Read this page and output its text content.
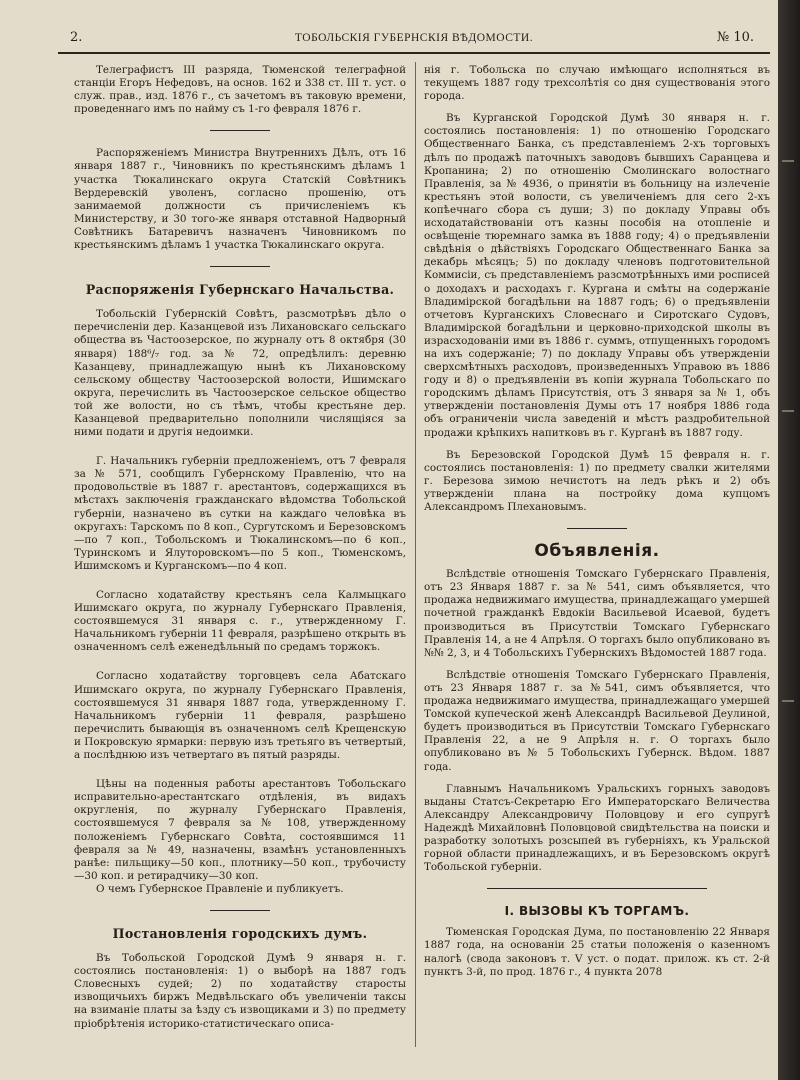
2.	ТОБОЛЬСКІЯ ГУБЕРНСКІЯ ВѢДОМОСТИ.	№ 10.

Телеграфистъ III разряда, Тюменской телеграфной станціи Егоръ Нефедовъ, на основ. 162 и 338 ст. III т. уст. о служ. прав., изд. 1876 г., съ зачетомъ въ таковую времени, проведеннаго имъ по найму съ 1-го февраля 1876 г.

Распоряженіемъ Министра Внутреннихъ Дѣлъ, отъ 16 января 1887 г., Чиновникъ по крестьянскимъ дѣламъ 1 участка Тюкалинскаго округа Статскій Совѣтникъ Вердеревскій уволенъ, согласно прошенію, отъ занимаемой должности съ причисленіемъ къ Министерству, и 30 того-же января отставной Надворный Совѣтникъ Батаревичъ назначенъ Чиновникомъ по крестьянскимъ дѣламъ 1 участка Тюкалинскаго округа.

Распоряженія Губернскаго Начальства.

Тобольскій Губернскій Совѣтъ, разсмотрѣвъ дѣло о перечисленіи дер. Казанцевой изъ Лихановскаго сельскаго общества въ Частоозерское, по журналу отъ 8 октября (30 января) 188⁶/₇ год. за № 72, опредѣлилъ: деревню Казанцеву, принадлежащую нынѣ къ Лихановскому сельскому обществу Частоозерской волости, Ишимскаго округа, перечислить въ Частоозерское сельское общество той же волости, но съ тѣмъ, чтобы крестьяне дер. Казанцевой предварительно пополнили числящіяся за ними подати и другія недоимки.

Г. Начальникъ губерніи предложеніемъ, отъ 7 февраля за № 571, сообщилъ Губернскому Правленію, что на продовольствіе въ 1887 г. арестантовъ, содержащихся въ мѣстахъ заключенія гражданскаго вѣдомства Тобольской губерніи, назначено въ сутки на каждаго человѣка въ округахъ: Тарскомъ по 8 коп., Сургутскомъ и Березовскомъ—по 7 коп., Тобольскомъ и Тюкалинскомъ—по 6 коп., Туринскомъ и Ялуторовскомъ—по 5 коп., Тюменскомъ, Ишимскомъ и Курганскомъ—по 4 коп.

Согласно ходатайству крестьянъ села Калмыцкаго Ишимскаго округа, по журналу Губернскаго Правленія, состоявшемуся 31 января с. г., утвержденному Г. Начальникомъ губерніи 11 февраля, разрѣшено открыть въ означенномъ селѣ еженедѣльный по средамъ торжокъ.

Согласно ходатайству торговцевъ села Абатскаго Ишимскаго округа, по журналу Губернскаго Правленія, состоявшемуся 31 января 1887 года, утвержденному Г. Начальникомъ губерніи 11 февраля, разрѣшено перечислить бывающія въ означенномъ селѣ Крещенскую и Покровскую ярмарки: первую изъ третьяго въ четвертый, а послѣднюю изъ четвертаго въ пятый разряды.

Цѣны на поденныя работы арестантовъ Тобольскаго исправительно-арестантскаго отдѣленія, въ видахъ округленія, по журналу Губернскаго Правленія, состоявшемуся 7 февраля за № 108, утвержденному положеніемъ Губернскаго Совѣта, состоявшимся 11 февраля за № 49, назначены, взамѣнъ установленныхъ ранѣе: пильщику—50 коп., плотнику—50 коп., трубочисту—30 коп. и ретирадчику—30 коп.

О чемъ Губернское Правленіе и публикуетъ.

Постановленія городскихъ думъ.

Въ Тобольской Городской Думѣ 9 января н. г. состоялись постановленія: 1) о выборѣ на 1887 годъ Словесныхъ судей; 2) по ходатайству старосты извощичьихъ биржъ Медвѣльскаго объ увеличеніи таксы на взиманіе платы за ѣзду съ извощиками и 3) по предмету пріобрѣтенія историко-статистическаго описа-

нія г. Тобольска по случаю имѣющаго исполняться въ текущемъ 1887 году трехсолѣтія со дня существованія этого города.

Въ Курганской Городской Думѣ 30 января н. г. состоялись постановленія: 1) по отношенію Городскаго Общественнаго Банка, съ представленіемъ 2-хъ торговыхъ дѣлъ по продажѣ паточныхъ заводовъ бывшихъ Саранцева и Кропанина; 2) по отношенію Смолинскаго волостнаго Правленія, за № 4936, о принятіи въ больницу на излеченіе крестьянъ этой волости, съ увеличеніемъ для сего 2-хъ копѣечнаго сбора съ души; 3) по докладу Управы объ исходатайствованіи отъ казны пособія на отопленіе и освѣщеніе тюремнаго замка въ 1888 году; 4) о предъявленіи свѣдѣнія о дѣйствіяхъ Городскаго Общественнаго Банка за декабрь мѣсяцъ; 5) по докладу членовъ подготовительной Коммисіи, съ представленіемъ разсмотрѣнныхъ ими росписей о доходахъ и расходахъ г. Кургана и смѣты на содержаніе Владимірской богадѣльни на 1887 годъ; 6) о предъявленіи отчетовъ Курганскихъ Словеснаго и Сиротскаго Судовъ, Владимірской богадѣльни и церковно-приходской школы въ израсходованіи ими въ 1886 г. суммъ, отпущенныхъ городомъ на ихъ содержаніе; 7) по докладу Управы объ утвержденіи сверхсмѣтныхъ расходовъ, произведенныхъ Управою въ 1886 году и 8) о предъявленіи въ копіи журнала Тобольскаго по городскимъ дѣламъ Присутствія, отъ 3 января за № 1, объ утвержденіи постановленія Думы отъ 17 ноября 1886 года объ ограниченіи числа заведеній и мѣстъ раздробительной продажи крѣпкихъ напитковъ въ г. Курганѣ въ 1887 году.

Въ Березовской Городской Думѣ 15 февраля н. г. состоялись постановленія: 1) по предмету свалки жителями г. Березова зимою нечистотъ на ледъ рѣкъ и 2) объ утвержденіи плана на постройку дома купцомъ Александромъ Плехановымъ.

Объявленія.

Вслѣдствіе отношенія Томскаго Губернскаго Правленія, отъ 23 Января 1887 г. за № 541, симъ объявляется, что продажа недвижимаго имущества, принадлежащаго умершей почетной гражданкѣ Евдокіи Васильевой Исаевой, будетъ производиться въ Присутствіи Томскаго Губернскаго Правленія 14, а не 4 Апрѣля. О торгахъ было опубликовано въ №№ 2, 3, и 4 Тобольскихъ Губернскихъ Вѣдомостей 1887 года.

Вслѣдствіе отношенія Томскаго Губернскаго Правленія, отъ 23 Января 1887 г. за №541, симъ объявляется, что продажа недвижимаго имущества, принадлежащаго умершей Томской купеческой женѣ Александрѣ Васильевой Деулиной, будетъ производиться въ Присутствіи Томскаго Губернскаго Правленія 22, а не 9 Апрѣля н. г. О торгахъ было опубликовано въ № 5 Тобольскихъ Губернск. Вѣдом. 1887 года.

Главнымъ Начальникомъ Уральскихъ горныхъ заводовъ выданы Статсъ-Секретарю Его Императорскаго Величества Александру Александровичу Половцову и его супругѣ Надеждѣ Михайловнѣ Половцовой свидѣтельства на поиски и разработку золотыхъ розсыпей въ губерніяхъ, къ Уральской горной области принадлежащихъ, и въ Березовскомъ округѣ Тобольской губерніи.

I. ВЫЗОВЫ КЪ ТОРГАМЪ.

Тюменская Городская Дума, по постановленію 22 Января 1887 года, на основаніи 25 статьи положенія о казенномъ налогѣ (свода законовъ т. V уст. о подат. прилож. къ ст. 2-й пунктъ 3-й, по прод. 1876 г., 4 пункта 2078
